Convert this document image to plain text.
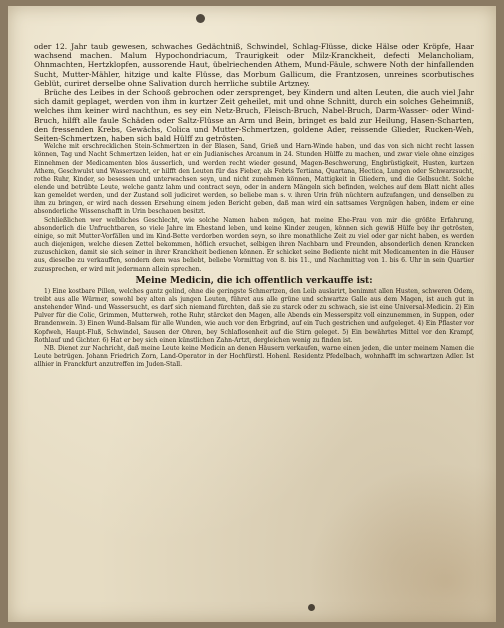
oder 12. Jahr taub gewesen, schwaches Gedächtniß, Schwindel, Schlag-Flüsse, dicke Hälse oder Kröpfe, Haar wachsend machen. Malum Hypochondriacum, Traurigkeit oder Milz-Kranckheit, defecti Melancholiam, Ohnmachten, Hertzklopfen, aussorende Haut, übelriechenden Athem, Mund-Fäule, schwere Noth der hinfallenden Sucht, Mutter-Mähler, hitzige und kalte Flüsse, das Morbum Gallicum, die Frantzosen, unreines scorbutisches Geblüt, curiret derselbe ohne Salivation durch herrliche subtile Artzney.

Brüche des Leibes in der Schooß gebrochen oder zersprenget, bey Kindern und alten Leuten, die auch viel Jahr sich damit geplaget, werden von ihm in kurtzer Zeit geheilet, mit und ohne Schnitt, durch ein solches Geheimniß, welches ihm keiner wird nachthun, es sey ein Netz-Bruch, Fleisch-Bruch, Nabel-Bruch, Darm-Wasser- oder Wind-Bruch, hilfft alle faule Schäden oder Saltz-Flüsse an Arm und Bein, bringet es bald zur Heilung, Hasen-Scharten, den fressenden Krebs, Gewächs, Colica und Mutter-Schmertzen, goldene Ader, reissende Glieder, Rucken-Weh, Seiten-Schmertzen, haben sich bald Hülff zu getrösten.

Welche mit erschrecklichen Stein-Schmertzen in der Blasen, Sand, Grieß und Harn-Winde haben, und das von sich nicht recht lassen können, Tag und Nacht Schmertzen leiden, hat er ein Judianisches Arcanum in 24. Stunden Hülffe zu machen, und zwar viele ohne einziges Einnehmen der Medicamenten blos äusserlich, und werden recht wieder gesund, Magen-Beschwerung, Engbrüstigkeit, Husten, kurtzen Athem, Geschwulst und Wassersucht, er hilfft den Leuten für das Fieber, als Febris Tertiana, Quartana, Hectica, Lungen oder Schwarzsucht, rothe Ruhr, Kinder, so besessen und unterwachsen seyn, und nicht zunehmen können, Mattigkeit in Gliedern, und die Gelbsucht. Solche elende und betrübte Leute, welche gantz lahm und contract seyn, oder in andern Mängeln sich befinden, welches auf dem Blatt nicht alles kan gemeldet werden, und der Zustand soll judiciret werden, so beliebe man s. v. ihren Urin früh nüchtern aufzufangen, und denselben zu ihm zu bringen, er wird nach dessen Ersehung einem jeden Bericht geben, daß man wird ein sattsames Vergnügen haben, indem er eine absonderliche Wissenschafft in Urin beschauen besitzt.

Schließlichen wer welbliches Geschlecht, wie solche Namen haben mögen, hat meine Ehe-Frau von mir die größte Erfahrung, absonderlich die Unfruchtbaren, so viele Jahre im Ehestand leben, und keine Kinder zeugen, können sich gewiß Hülfe bey ihr getrösten, einige, so mit Mutter-Vorfällen und im Kind-Bette verdorben worden seyn, so ihre monathliche Zeit zu viel oder gar nicht haben, es werden auch diejenigen, welche diesen Zettel bekommen, höflich ersuchet, selbigen ihren Nachbarn und Freunden, absonderlich denen Krancken zuzuschicken, damit sie sich seiner in ihrer Kranckheit bedienen können. Er schicket seine Bediente nicht mit Medicamenten in die Häuser aus, dieselbe zu verkauffen, sondern dem was beliebt, beliebe Vormittag von 8. bis 11., und Nachmittag von 1. bis 6. Uhr in sein Quartier zuzusprechen, er wird mit jedermann allein sprechen.

Meine Medicin, die ich offentlich verkauffe ist:

1) Eine kostbare Pillen, welches gantz gelind, ohne die geringste Schmertzen, den Leib auslarirt, benimmt allen Husten, schweren Odem, treibt aus alle Würmer, sowohl bey alten als jungen Leuten, führet aus alle grüne und schwartze Galle aus dem Magen, ist auch gut in anstehender Wind- und Wassersucht, es darf sich niemand fürchten, daß sie zu starck oder zu schwach, sie ist eine Universal-Medicin. 2) Ein Pulver für die Colic, Grimmen, Mutterweh, rothe Ruhr, stärcket den Magen, alle Abends ein Messerspitz voll einzunemmen, in Suppen, oder Brandenwein. 3) Einen Wund-Balsam für alle Wunden, wie auch vor den Erbgrind, auf ein Tuch gestrichen und aufgeleget. 4) Ein Pflaster vor Kopfweh, Haupt-Fluß, Schwindel, Sausen der Ohren, bey Schlaflosenheit auf die Stirn geleget. 5) Ein bewährtes Mittel vor den Krampf, Rothlauf und Gichter. 6) Hat er bey sich einen künstlichen Zahn-Artzt, dergleichen wenig zu finden ist.

NB. Dienet zur Nachricht, daß meine Leute keine Medicin an denen Häusern verkaufen, warne einen jeden, die unter meinem Namen die Leute betrügen. Johann Friedrich Zorn, Land-Operator in der Hochfürstl. Hohenl. Residentz Pfedelbach, wohnhafft im schwartzen Adler. Ist allhier in Franckfurt anzutreffen im Juden-Stall.
